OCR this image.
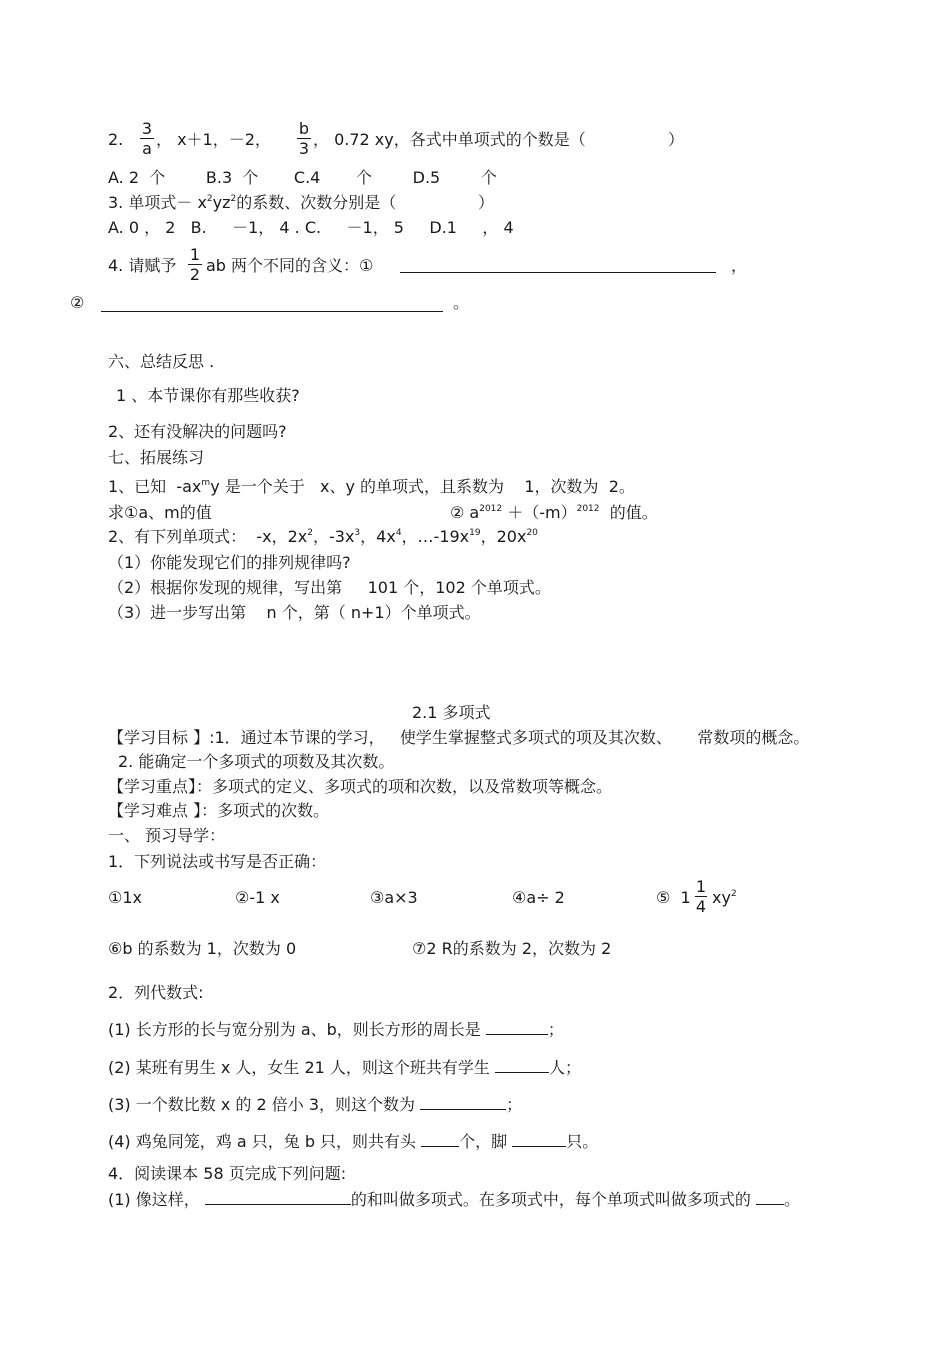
2.
3
a ， x＋1，－2，
b
3 ， 0.72 xy，各式中单项式的个数是（	）
A. 2  个        B.3  个       C.4       个        D.5        个
3. 单项式－ $x^2yz^2$的系数、次数分别是（	）
A. 0 ， 2   B.     －1， 4 . C.     －1， 5     D.1     ， 4
4. 请赋予
1
2 ab 两个不同的含义：①	，
②	。
六、总结反思 .
1 、本节课你有那些收获?
2、还有没解决的问题吗?
七、拓展练习
1、已知  $-ax^my$ 是一个关于   x、y 的单项式，且系数为    1，次数为  2。
求①a、m的值	② $a^{2012} +(-m)^{2012}$ 的值。
2、有下列单项式：  -x，$2x^2$，$-3x^3$，$4x^4$，$\dots-19x^{19}$，$20x^{20}$
（1）你能发现它们的排列规律吗?
（2）根据你发现的规律，写出第     101 个，102 个单项式。
（3）进一步写出第    n 个，第（ n+1）个单项式。
2.1 多项式
【学习目标 】:1．通过本节课的学习，   使学生掌握整式多项式的项及其次数、     常数项的概念。
2. 能确定一个多项式的项数及其次数。
【学习重点】：多项式的定义、多项式的项和次数，以及常数项等概念。
【学习难点 】：多项式的次数。
一、 预习导学：
1．下列说法或书写是否正确：
①1x	②-1 x	③a×3	④a÷ 2	⑤  1
1
4 $xy^2$
⑥b 的系数为 1，次数为 0	⑦2 R的系数为 2，次数为 2
2．列代数式:
(1) 长方形的长与宽分别为 a、b，则长方形的周长是	；
(2) 某班有男生 x 人，女生 21 人，则这个班共有学生	人；
(3) 一个数比数 x 的 2 倍小 3，则这个数为	；
(4) 鸡兔同笼，鸡 a 只，兔 b 只，则共有头	个，脚	只。
4．阅读课本 58 页完成下列问题:
(1) 像这样，	的和叫做多项式。在多项式中，每个单项式叫做多项式的 。
